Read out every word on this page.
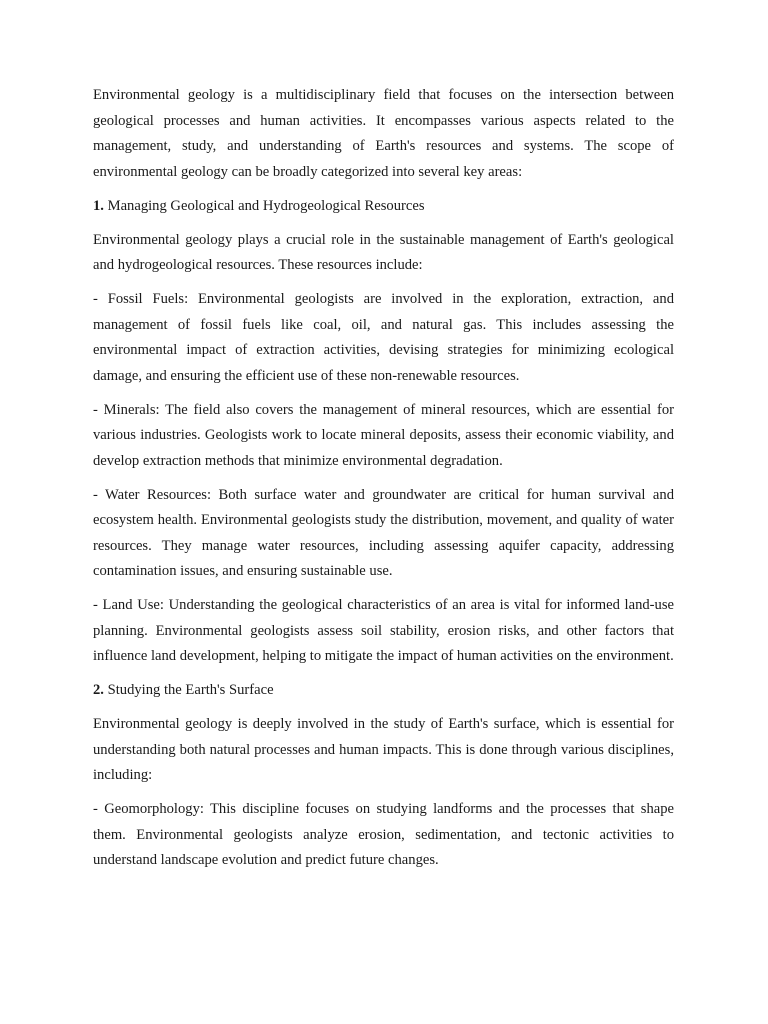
Environmental geology is a multidisciplinary field that focuses on the intersection between geological processes and human activities. It encompasses various aspects related to the management, study, and understanding of Earth's resources and systems. The scope of environmental geology can be broadly categorized into several key areas:

1. Managing Geological and Hydrogeological Resources

Environmental geology plays a crucial role in the sustainable management of Earth's geological and hydrogeological resources. These resources include:

- Fossil Fuels: Environmental geologists are involved in the exploration, extraction, and management of fossil fuels like coal, oil, and natural gas. This includes assessing the environmental impact of extraction activities, devising strategies for minimizing ecological damage, and ensuring the efficient use of these non-renewable resources.

- Minerals: The field also covers the management of mineral resources, which are essential for various industries. Geologists work to locate mineral deposits, assess their economic viability, and develop extraction methods that minimize environmental degradation.

- Water Resources: Both surface water and groundwater are critical for human survival and ecosystem health. Environmental geologists study the distribution, movement, and quality of water resources. They manage water resources, including assessing aquifer capacity, addressing contamination issues, and ensuring sustainable use.

- Land Use: Understanding the geological characteristics of an area is vital for informed land-use planning. Environmental geologists assess soil stability, erosion risks, and other factors that influence land development, helping to mitigate the impact of human activities on the environment.

2. Studying the Earth's Surface

Environmental geology is deeply involved in the study of Earth's surface, which is essential for understanding both natural processes and human impacts. This is done through various disciplines, including:

- Geomorphology: This discipline focuses on studying landforms and the processes that shape them. Environmental geologists analyze erosion, sedimentation, and tectonic activities to understand landscape evolution and predict future changes.
